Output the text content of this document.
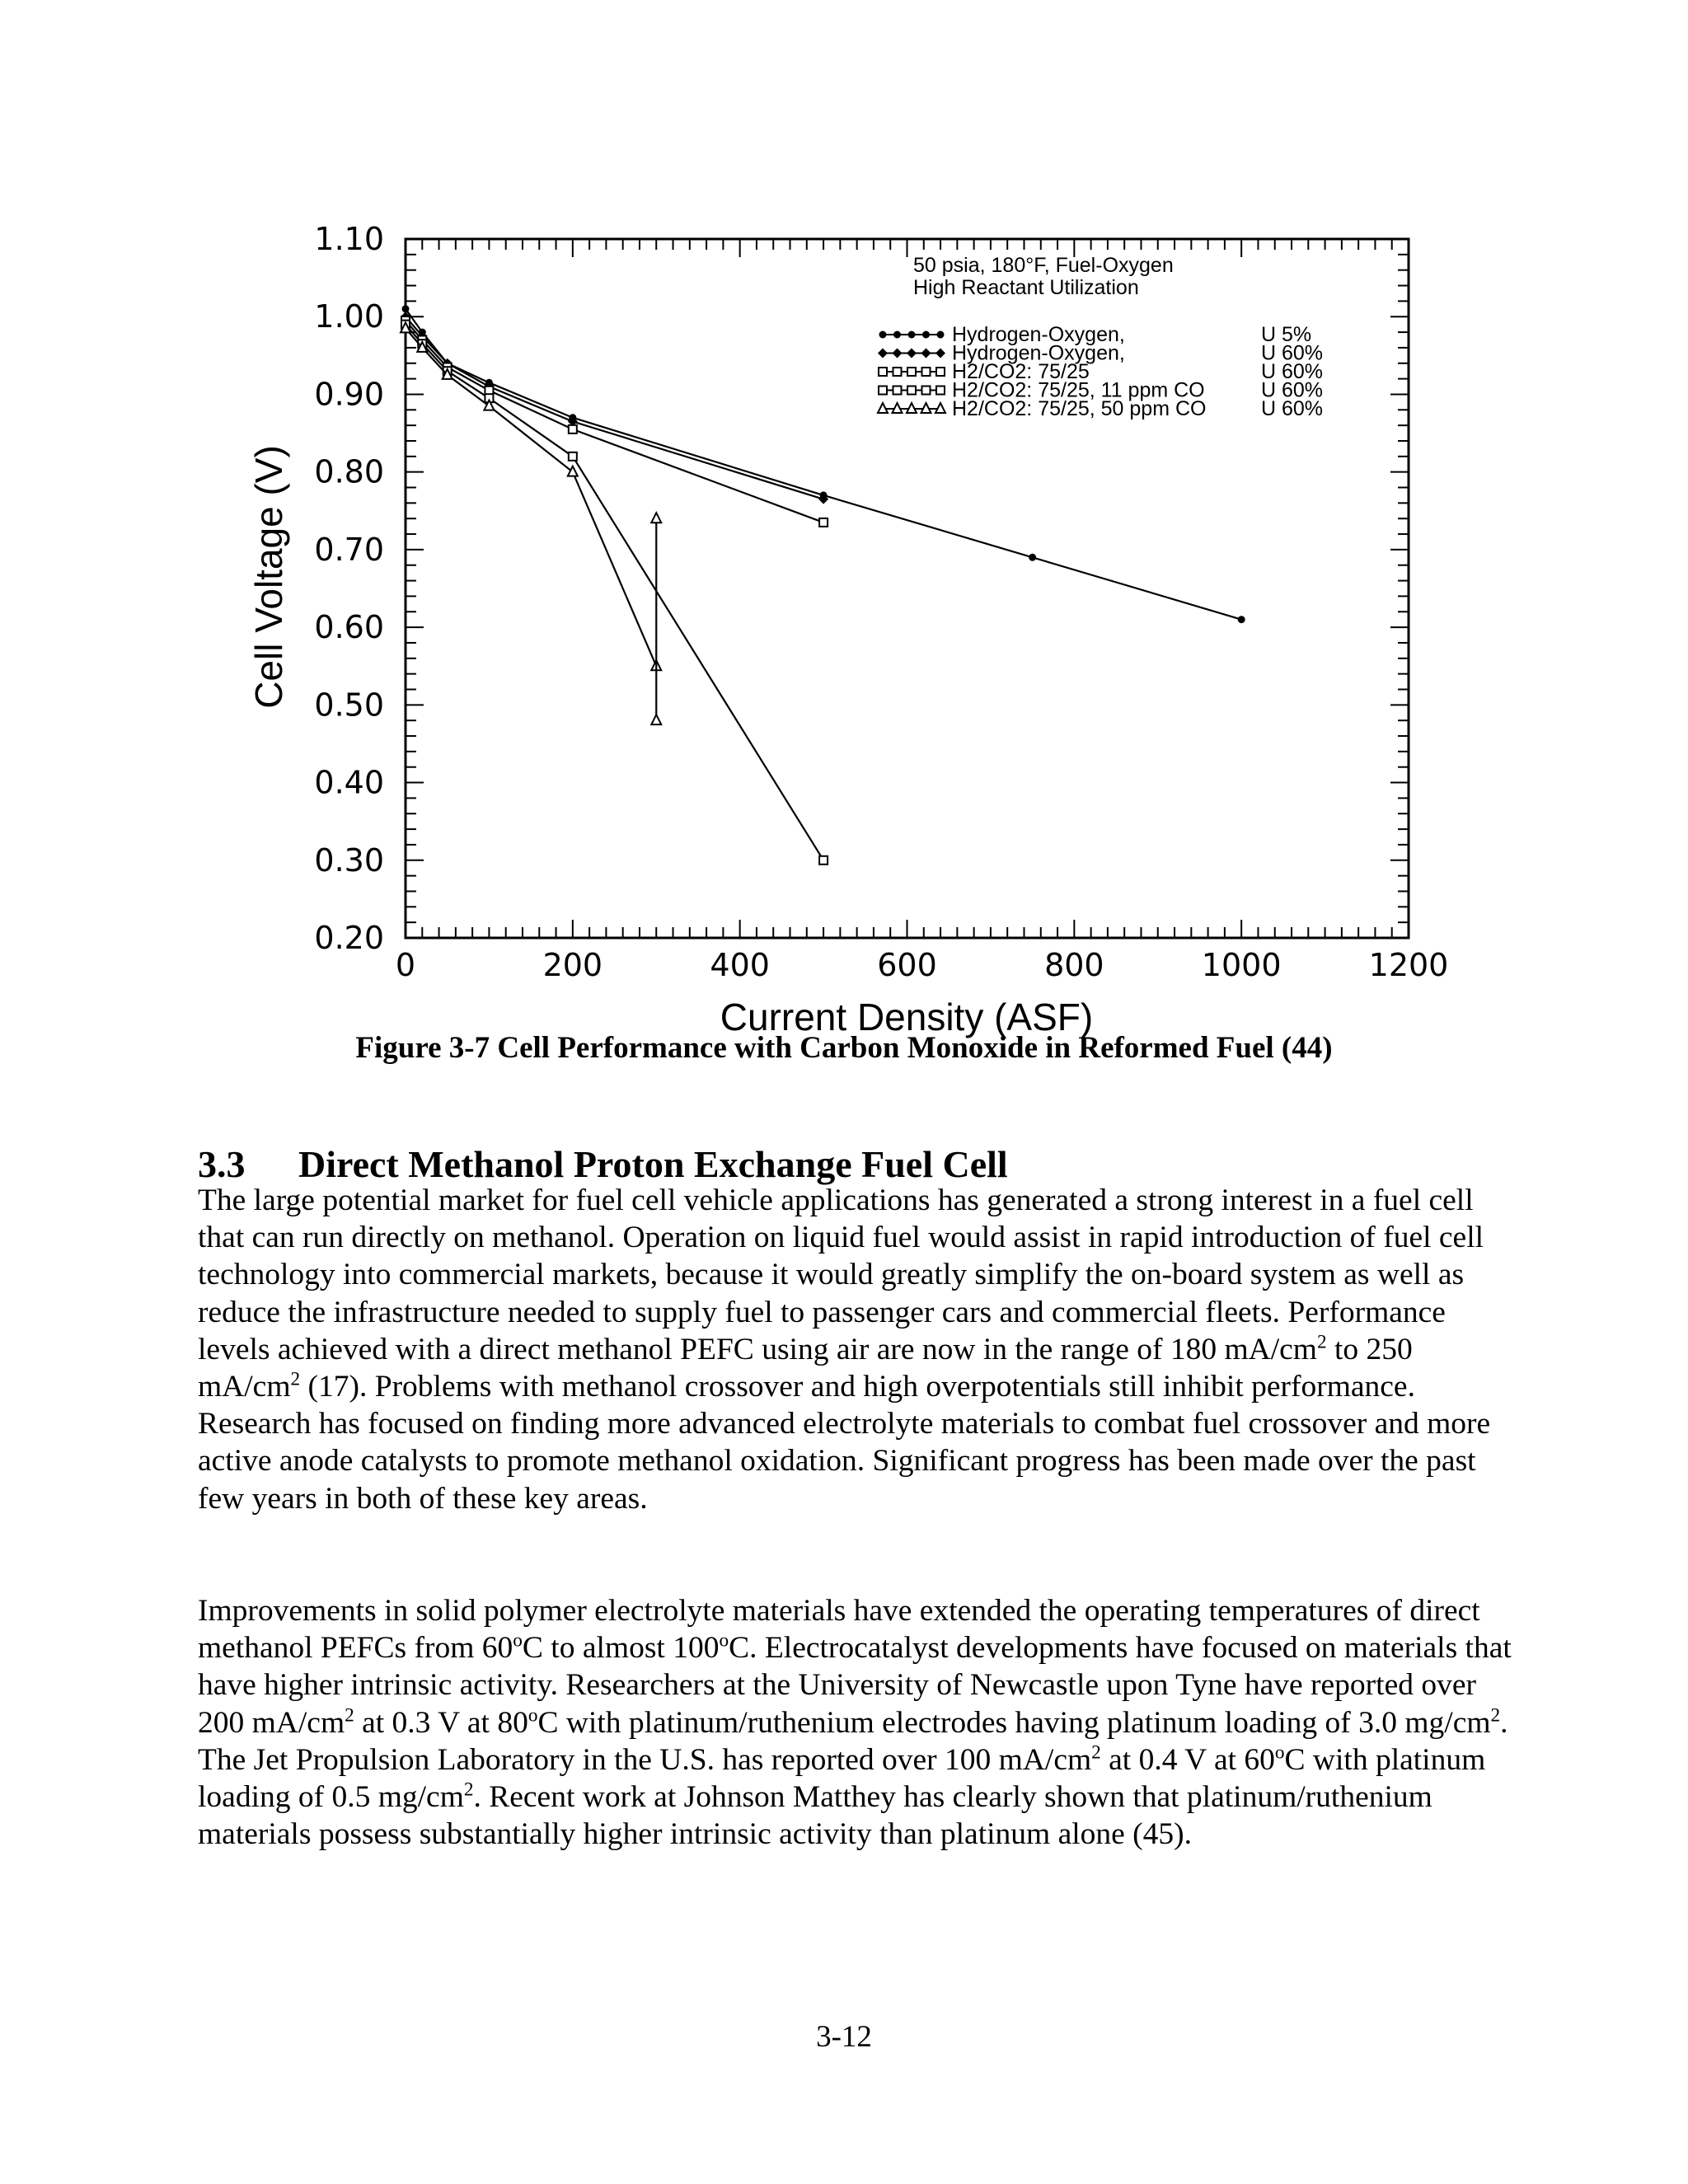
0	200	400	600	800	1000	1200
1.10
1.00
0.90
0.80
0.70
0.60
0.50
0.40
0.30
0.20
50 psia, 180°F, Fuel-Oxygen
High Reactant Utilization
Hydrogen-Oxygen,	U 5%
Hydrogen-Oxygen,	U 60%
H2/CO2: 75/25	U 60%
H2/CO2: 75/25, 11 ppm CO	U 60%
H2/CO2: 75/25, 50 ppm CO	U 60%
Current Density (ASF)
Cell Voltage (V)
Figure 3-7 Cell Performance with Carbon Monoxide in Reformed Fuel (44)
3.3 Direct Methanol Proton Exchange Fuel Cell

The large potential market for fuel cell vehicle applications has generated a strong interest in a fuel cell that can run directly on methanol. Operation on liquid fuel would assist in rapid introduction of fuel cell technology into commercial markets, because it would greatly simplify the on-board system as well as reduce the infrastructure needed to supply fuel to passenger cars and commercial fleets. Performance levels achieved with a direct methanol PEFC using air are now in the range of 180 $mA/cm^2$ to 250 $mA/cm^2$ (17). Problems with methanol crossover and high overpotentials still inhibit performance. Research has focused on finding more advanced electrolyte materials to combat fuel crossover and more active anode catalysts to promote methanol oxidation. Significant progress has been made over the past few years in both of these key areas.

Improvements in solid polymer electrolyte materials have extended the operating temperatures of direct methanol PEFCs from 60$^o$C to almost 100$^o$C. Electrocatalyst developments have focused on materials that have higher intrinsic activity. Researchers at the University of Newcastle upon Tyne have reported over 200 $mA/cm^2$ at 0.3 V at 80$^o$C with platinum/ruthenium electrodes having platinum loading of 3.0 $mg/cm^2$. The Jet Propulsion Laboratory in the U.S. has reported over 100 $mA/cm^2$ at 0.4 V at 60$^o$C with platinum loading of 0.5 $mg/cm^2$. Recent work at Johnson Matthey has clearly shown that platinum/ruthenium materials possess substantially higher intrinsic activity than platinum alone (45).

3-12
